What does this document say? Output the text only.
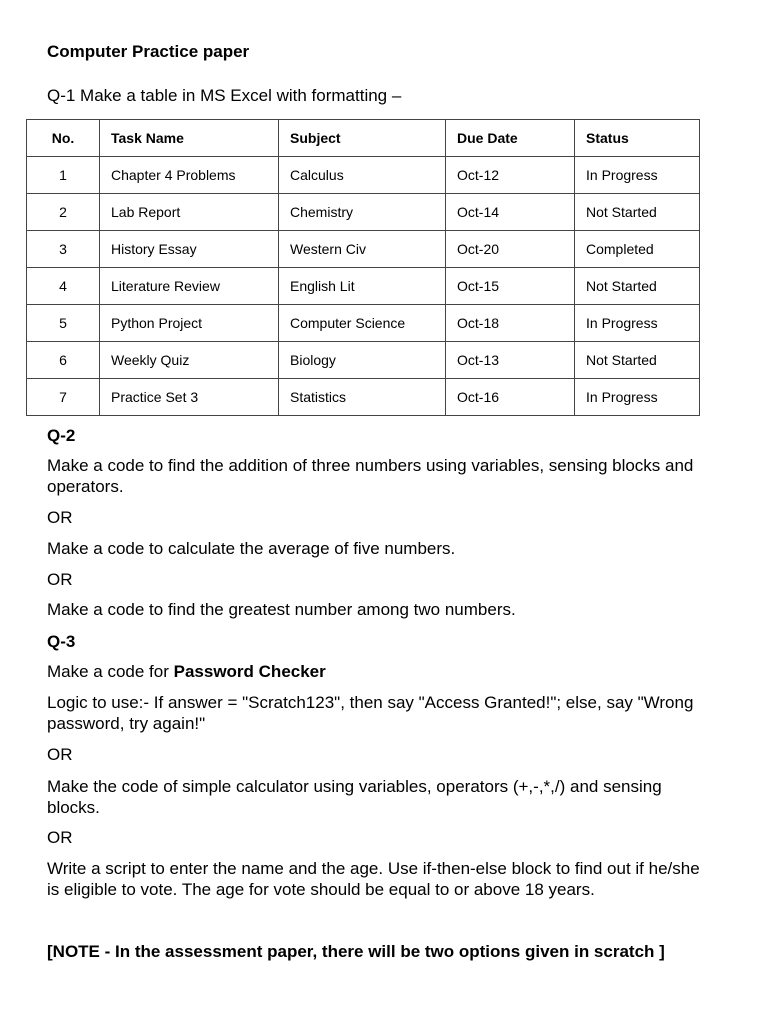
Computer Practice paper
Q-1 Make a table in MS Excel with formatting –
No.	Task Name	Subject	Due Date	Status
1	Chapter 4 Problems	Calculus	Oct-12	In Progress
2	Lab Report	Chemistry	Oct-14	Not Started
3	History Essay	Western Civ	Oct-20	Completed
4	Literature Review	English Lit	Oct-15	Not Started
5	Python Project	Computer Science	Oct-18	In Progress
6	Weekly Quiz	Biology	Oct-13	Not Started
7	Practice Set 3	Statistics	Oct-16	In Progress
Q-2
Make a code to find the addition of three numbers using variables, sensing blocks and operators.
OR
Make a code to calculate the average of five numbers.
OR
Make a code to find the greatest number among two numbers.
Q-3
Make a code for Password Checker
Logic to use:- If answer = "Scratch123", then say "Access Granted!"; else, say "Wrong password, try again!"
OR
Make the code of simple calculator using variables, operators (+,-,*,/) and sensing blocks.
OR
Write a script to enter the name and the age. Use if-then-else block to find out if he/she is eligible to vote. The age for vote should be equal to or above 18 years.
[NOTE - In the assessment paper, there will be two options given in scratch ]
